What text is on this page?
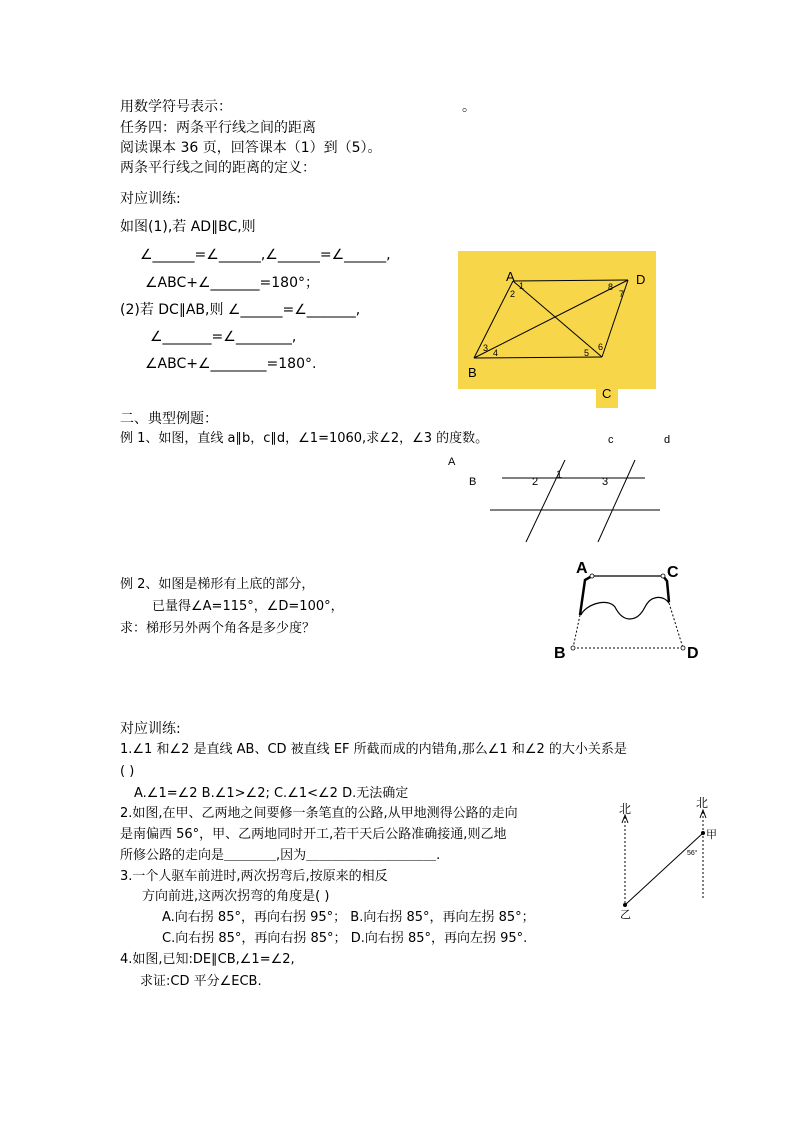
用数学符号表示：	。
任务四：两条平行线之间的距离
阅读课本 36 页，回答课本（1）到（5）。
两条平行线之间的距离的定义：
对应训练:
如图(1),若 AD∥BC,则
∠______=∠______,∠______=∠______,
∠ABC+∠_______=180°；
(2)若 DC∥AB,则 ∠______=∠_______,
∠_______=∠________,
∠ABC+∠________=180°.
A	D
B
C
1
2
3 4	5
6
7
8
二、典型例题：
例 1、如图，直线 a∥b，c∥d，∠1=1060,求∠2，∠3 的度数。	c	d
A
B
1
2	3
例 2、如图是梯形有上底的部分，
已量得∠A=115°，∠D=100°，
求：梯形另外两个角各是多少度？
A	C
B	D
对应训练:
1.∠1 和∠2 是直线 AB、CD 被直线 EF 所截而成的内错角,那么∠1 和∠2 的大小关系是
( )
A.∠1=∠2 B.∠1>∠2; C.∠1<∠2 D.无法确定
2.如图,在甲、乙两地之间要修一条笔直的公路,从甲地测得公路的走向
是南偏西 56°，甲、乙两地同时开工,若干天后公路准确接通,则乙地
所修公路的走向是＿＿＿＿,因为＿＿＿＿＿＿＿＿＿＿.
3.一个人驱车前进时,两次拐弯后,按原来的相反
方向前进,这两次拐弯的角度是( )
A.向右拐 85°，再向右拐 95°； B.向右拐 85°，再向左拐 85°；
C.向右拐 85°，再向右拐 85°； D.向右拐 85°，再向左拐 95°.
4.如图,已知:DE∥CB,∠1=∠2,
求证:CD 平分∠ECB.
北	北
甲
乙
56°
